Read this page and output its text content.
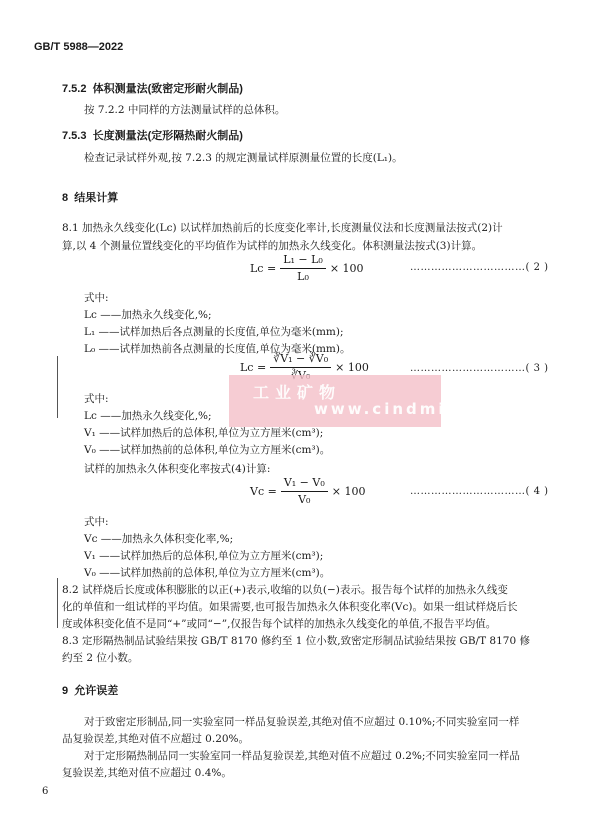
GB/T 5988—2022
7.5.2 体积测量法(致密定形耐火制品)
按 7.2.2 中同样的方法测量试样的总体积。
7.5.3 长度测量法(定形隔热耐火制品)
检查记录试样外观,按 7.2.3 的规定测量试样原测量位置的长度(L₁)。
8 结果计算
8.1 加热永久线变化(Lc) 以试样加热前后的长度变化率计,长度测量仪法和长度测量法按式(2)计
算,以 4 个测量位置线变化的平均值作为试样的加热永久线变化。体积测量法按式(3)计算。
$Lc = \frac{\text{L₁ − L₀}}{\text{L₀}} \times 100$	……………………………( 2 )
式中:
Lc ——加热永久线变化,%;
L₁ ——试样加热后各点测量的长度值,单位为毫米(mm);
L₀ ——试样加热前各点测量的长度值,单位为毫米(mm)。
Lc =
∛V₁ − ∛V₀
× 100	……………………………( 3 )
式中:
Lc ——加热永久线变化,%;
V₁ ——试样加热后的总体积,单位为立方厘米(cm³);
V₀ ——试样加热前的总体积,单位为立方厘米(cm³)。
工业矿物
www.cindmin.com
试样的加热永久体积变化率按式(4)计算:
$Vc = \frac{\text{V₁ − V₀}}{\text{V₀}} \times 100$	……………………………( 4 )
式中:
Vc ——加热永久体积变化率,%;
V₁ ——试样加热后的总体积,单位为立方厘米(cm³);
V₀ ——试样加热前的总体积,单位为立方厘米(cm³)。
8.2 试样烧后长度或体积膨胀的以正(+)表示,收缩的以负(−)表示。报告每个试样的加热永久线变
化的单值和一组试样的平均值。如果需要,也可报告加热永久体积变化率(Vc)。如果一组试样烧后长
度或体积变化值不是同“+”或同“−”,仅报告每个试样的加热永久线变化的单值,不报告平均值。
8.3 定形隔热制品试验结果按 GB/T 8170 修约至 1 位小数,致密定形制品试验结果按 GB/T 8170 修
约至 2 位小数。
9 允许误差
对于致密定形制品,同一实验室同一样品复验误差,其绝对值不应超过 0.10%;不同实验室同一样
品复验误差,其绝对值不应超过 0.20%。
对于定形隔热制品同一实验室同一样品复验误差,其绝对值不应超过 0.2%;不同实验室同一样品
复验误差,其绝对值不应超过 0.4%。
6
